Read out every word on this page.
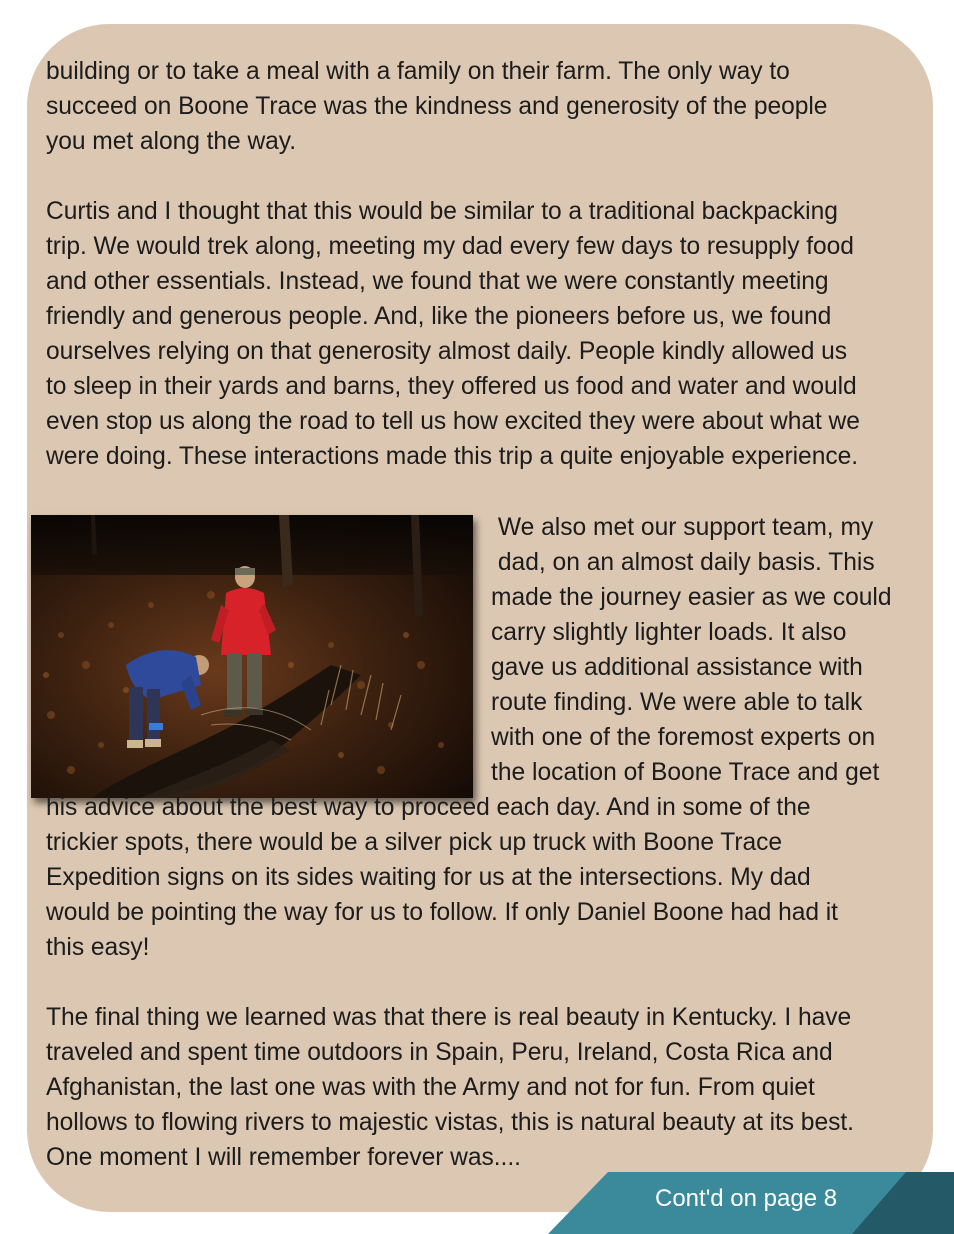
building or to take a meal with a family on their farm. The only way to
succeed on Boone Trace was the kindness and generosity of the people
you met along the way.

Curtis and I thought that this would be similar to a traditional backpacking
trip. We would trek along, meeting my dad every few days to resupply food
and other essentials. Instead, we found that we were constantly meeting
friendly and generous people. And, like the pioneers before us, we found
ourselves relying on that generosity almost daily. People kindly allowed us
to sleep in their yards and barns, they offered us food and water and would
even stop us along the road to tell us how excited they were about what we
were doing. These interactions made this trip a quite enjoyable experience.

We also met our support team, my
dad, on an almost daily basis. This
made the journey easier as we could
carry slightly lighter loads. It also
gave us additional assistance with
route finding. We were able to talk
with one of the foremost experts on
the location of Boone Trace and get

his advice about the best way to proceed each day. And in some of the
trickier spots, there would be a silver pick up truck with Boone Trace
Expedition signs on its sides waiting for us at the intersections. My dad
would be pointing the way for us to follow. If only Daniel Boone had had it
this easy!

The final thing we learned was that there is real beauty in Kentucky. I have
traveled and spent time outdoors in Spain, Peru, Ireland, Costa Rica and
Afghanistan, the last one was with the Army and not for fun. From quiet
hollows to flowing rivers to majestic vistas, this is natural beauty at its best.
One moment I will remember forever was....

Cont'd on page 8
